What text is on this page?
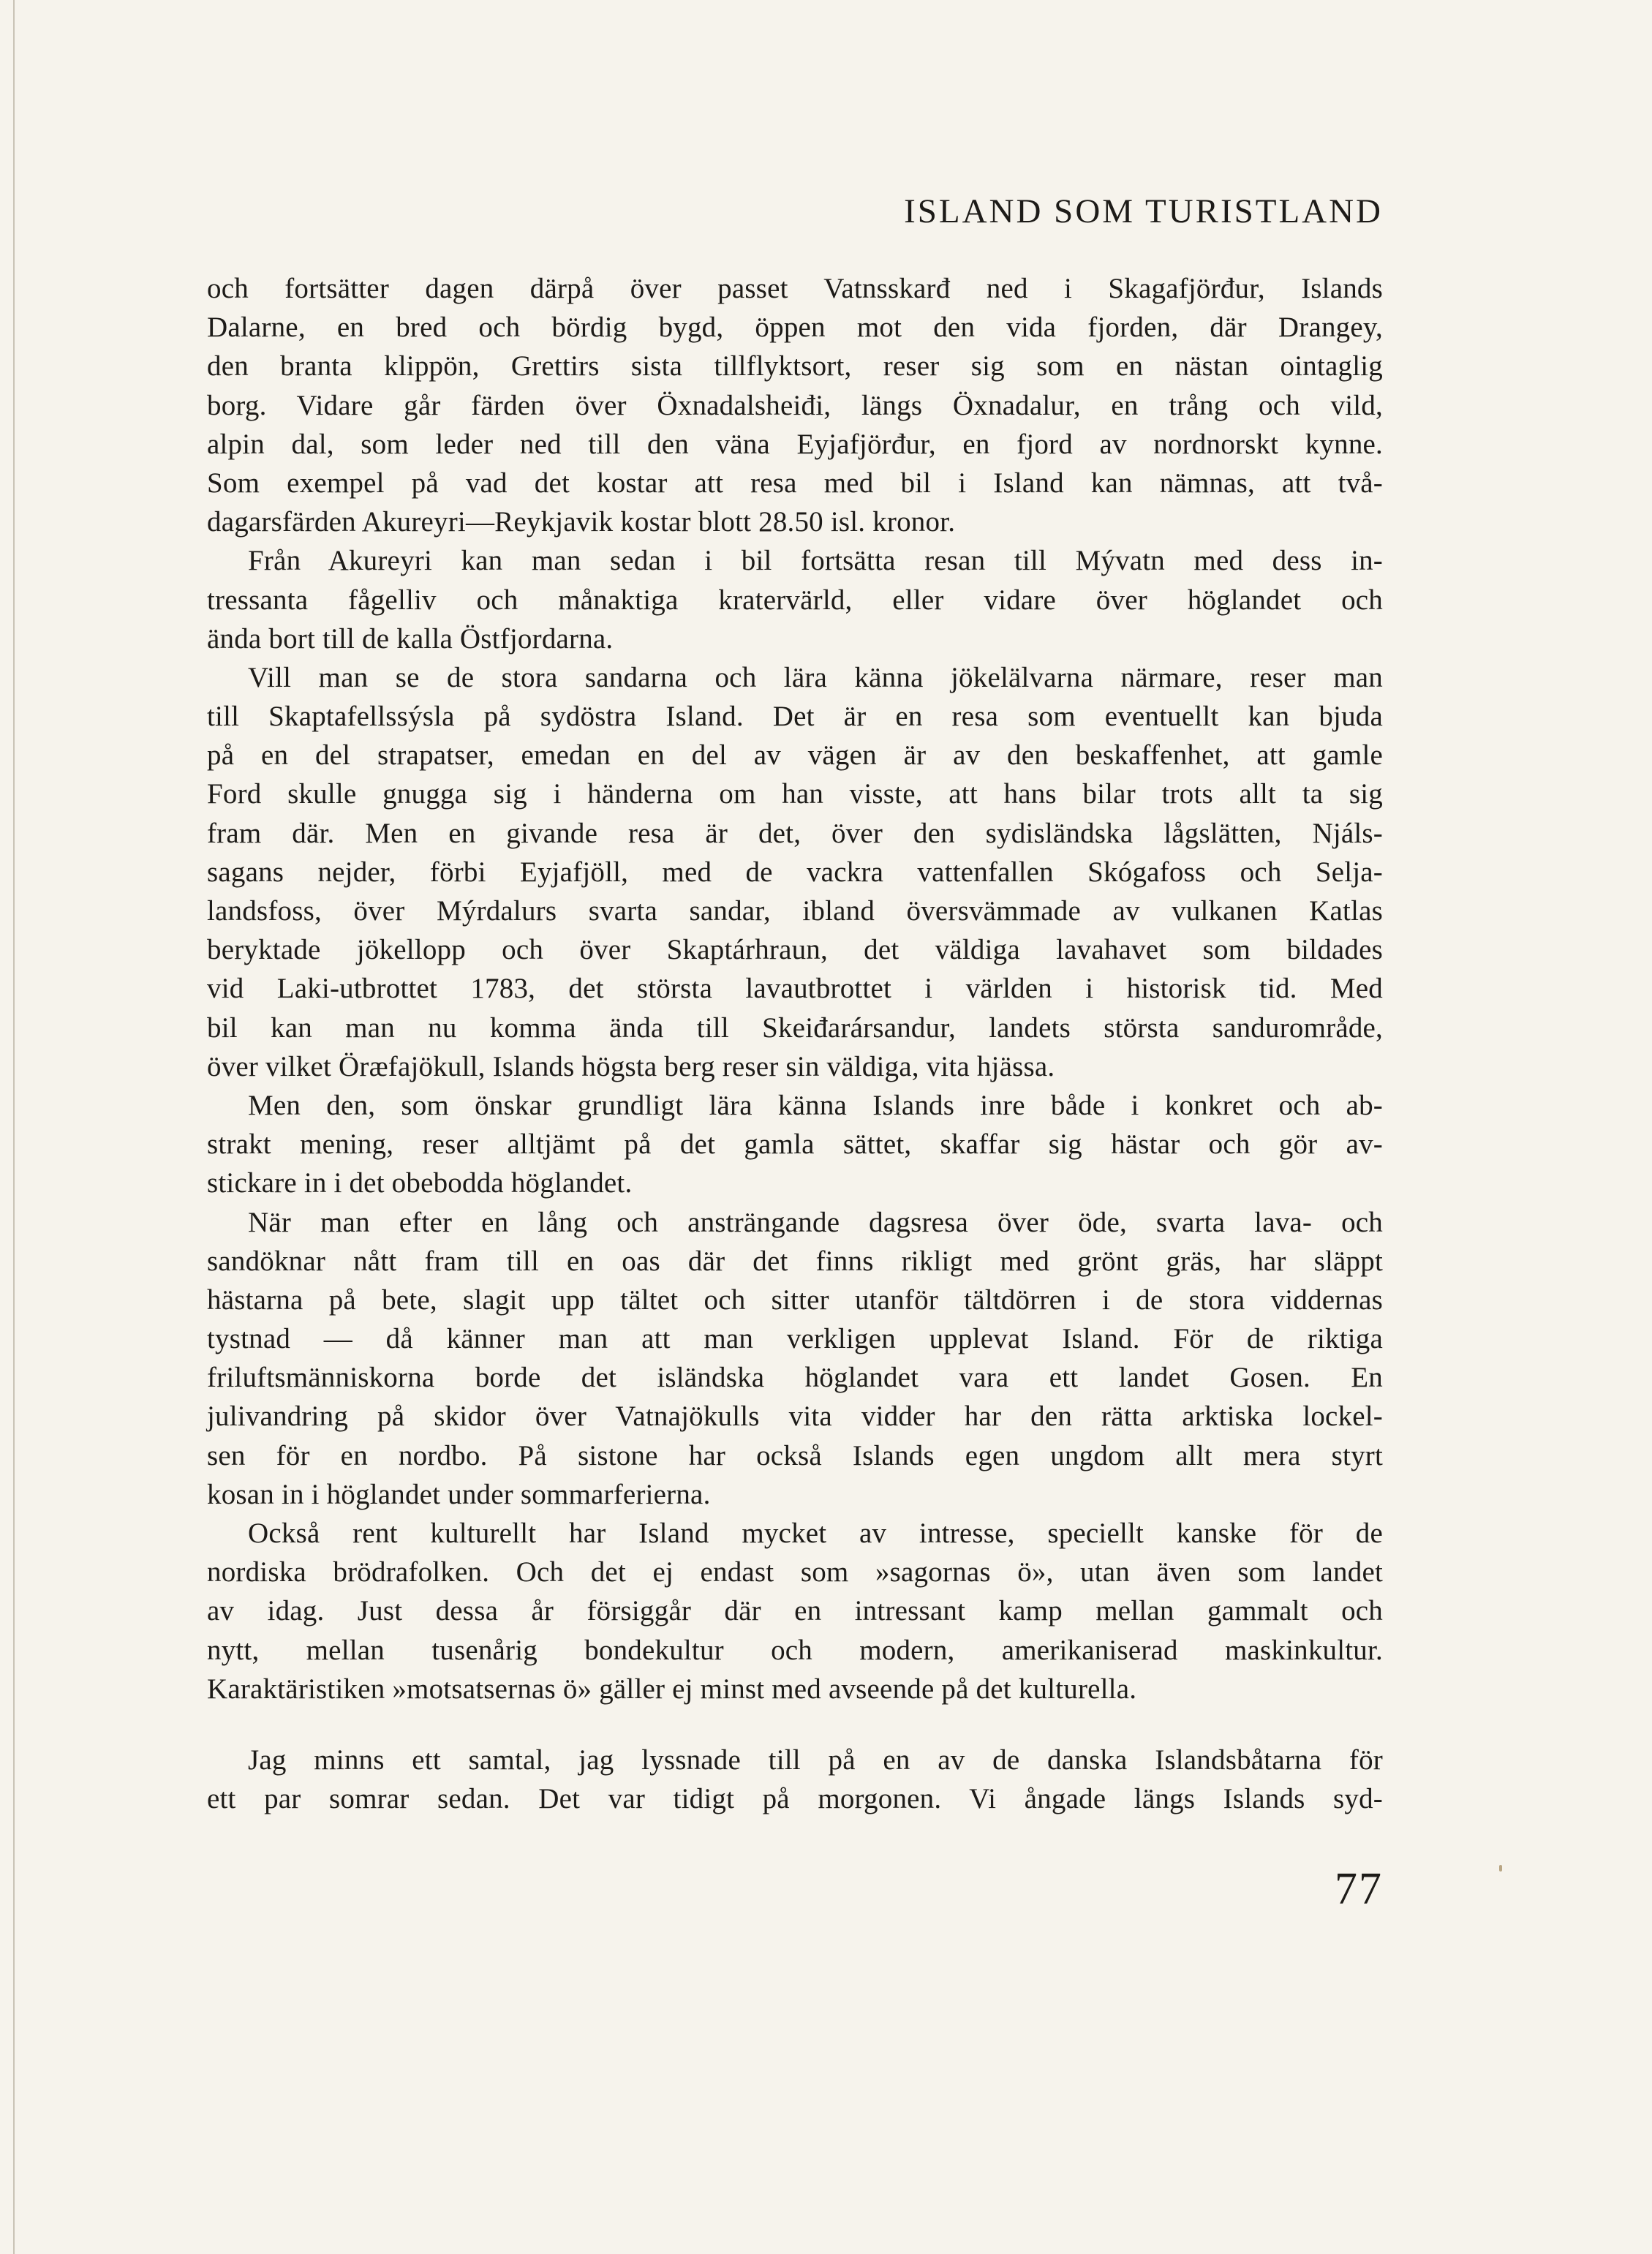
ISLAND SOM TURISTLAND
och fortsätter dagen därpå över passet Vatnsskarđ ned i Skagafjörđur, Islands
Dalarne, en bred och bördig bygd, öppen mot den vida fjorden, där Drangey,
den branta klippön, Grettirs sista tillflyktsort, reser sig som en nästan ointaglig
borg. Vidare går färden över Öxnadalsheiđi, längs Öxnadalur, en trång och vild,
alpin dal, som leder ned till den väna Eyjafjörđur, en fjord av nordnorskt kynne.
Som exempel på vad det kostar att resa med bil i Island kan nämnas, att två-
dagarsfärden Akureyri—Reykjavik kostar blott 28.50 isl. kronor.
Från Akureyri kan man sedan i bil fortsätta resan till Mývatn med dess in-
tressanta fågelliv och månaktiga kratervärld, eller vidare över höglandet och
ända bort till de kalla Östfjordarna.
Vill man se de stora sandarna och lära känna jökelälvarna närmare, reser man
till Skaptafellssýsla på sydöstra Island. Det är en resa som eventuellt kan bjuda
på en del strapatser, emedan en del av vägen är av den beskaffenhet, att gamle
Ford skulle gnugga sig i händerna om han visste, att hans bilar trots allt ta sig
fram där. Men en givande resa är det, över den sydisländska lågslätten, Njáls-
sagans nejder, förbi Eyjafjöll, med de vackra vattenfallen Skógafoss och Selja-
landsfoss, över Mýrdalurs svarta sandar, ibland översvämmade av vulkanen Katlas
beryktade jökellopp och över Skaptárhraun, det väldiga lavahavet som bildades
vid Laki-utbrottet 1783, det största lavautbrottet i världen i historisk tid. Med
bil kan man nu komma ända till Skeiđarársandur, landets största sandurområde,
över vilket Öræfajökull, Islands högsta berg reser sin väldiga, vita hjässa.
Men den, som önskar grundligt lära känna Islands inre både i konkret och ab-
strakt mening, reser alltjämt på det gamla sättet, skaffar sig hästar och gör av-
stickare in i det obebodda höglandet.
När man efter en lång och ansträngande dagsresa över öde, svarta lava- och
sandöknar nått fram till en oas där det finns rikligt med grönt gräs, har släppt
hästarna på bete, slagit upp tältet och sitter utanför tältdörren i de stora viddernas
tystnad — då känner man att man verkligen upplevat Island. För de riktiga
friluftsmänniskorna borde det isländska höglandet vara ett landet Gosen. En
julivandring på skidor över Vatnajökulls vita vidder har den rätta arktiska lockel-
sen för en nordbo. På sistone har också Islands egen ungdom allt mera styrt
kosan in i höglandet under sommarferierna.
Också rent kulturellt har Island mycket av intresse, speciellt kanske för de
nordiska brödrafolken. Och det ej endast som »sagornas ö», utan även som landet
av idag. Just dessa år försiggår där en intressant kamp mellan gammalt och
nytt, mellan tusenårig bondekultur och modern, amerikaniserad maskinkultur.
Karaktäristiken »motsatsernas ö» gäller ej minst med avseende på det kulturella.
Jag minns ett samtal, jag lyssnade till på en av de danska Islandsbåtarna för
ett par somrar sedan. Det var tidigt på morgonen. Vi ångade längs Islands syd-
77
